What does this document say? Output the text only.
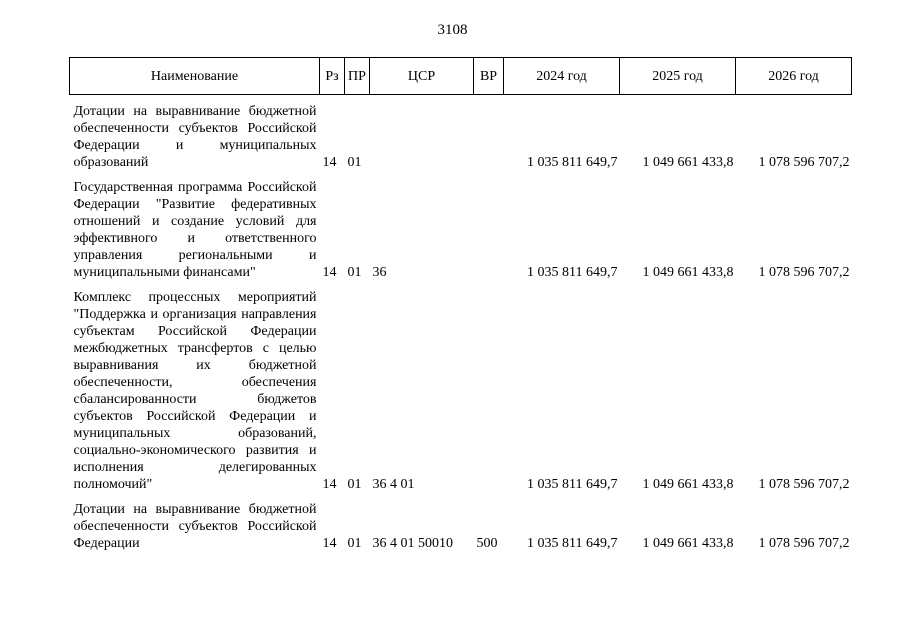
3108
Наименование	Рз	ПР	ЦСР	ВР	2024 год	2025 год	2026 год
Дотации на выравнивание бюджетной обеспеченности субъектов Российской Федерации и муниципальных образований	14	01			1 035 811 649,7	1 049 661 433,8	1 078 596 707,2
Государственная программа Российской Федерации "Развитие федеративных отношений и создание условий для эффективного и ответственного управления региональными и муниципальными финансами"	14	01	36		1 035 811 649,7	1 049 661 433,8	1 078 596 707,2
Комплекс процессных мероприятий "Поддержка и организация направления субъектам Российской Федерации межбюджетных трансфертов с целью выравнивания их бюджетной обеспеченности, обеспечения сбалансированности бюджетов субъектов Российской Федерации и муниципальных образований, социально-экономического развития и исполнения делегированных полномочий"	14	01	36 4 01		1 035 811 649,7	1 049 661 433,8	1 078 596 707,2
Дотации на выравнивание бюджетной обеспеченности субъектов Российской Федерации	14	01	36 4 01 50010	500	1 035 811 649,7	1 049 661 433,8	1 078 596 707,2
